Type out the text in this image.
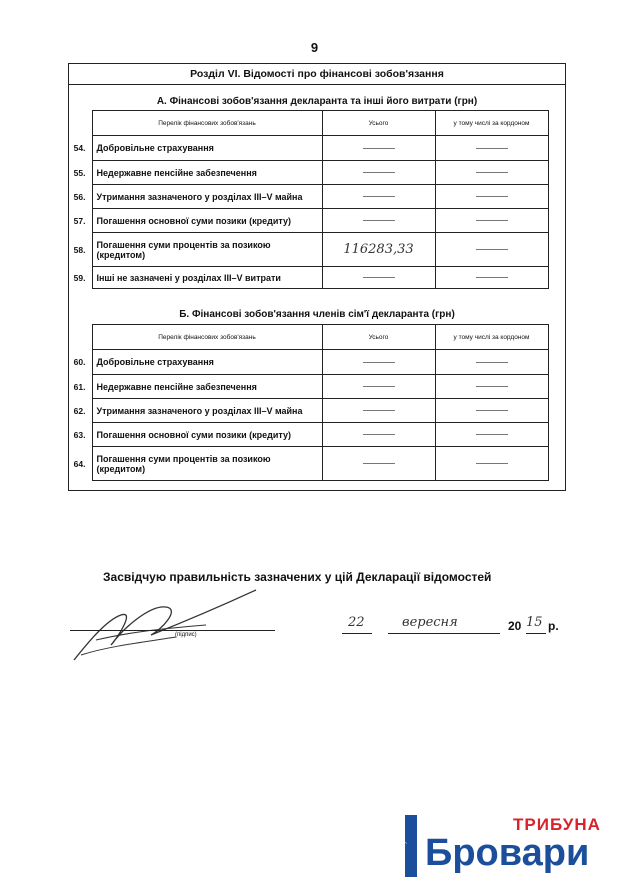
9
Розділ VI. Відомості про фінансові зобов'язання
А. Фінансові зобов'язання декларанта та інші його витрати (грн)
	Перелік фінансових зобов'язань	Усього	у тому числі за кордоном
54.	Добровільне страхування	

55.	Недержавне пенсійне забезпечення	

56.	Утримання зазначеного у розділах III–V майна	

57.	Погашення основної суми позики (кредиту)	

58.	Погашення суми процентів за позикою (кредитом)	116283,33	

59.	Інші не зазначені у розділах III–V витрати	

Б. Фінансові зобов'язання членів сім'ї декларанта (грн)
	Перелік фінансових зобов'язань	Усього	у тому числі за кордоном
60.	Добровільне страхування	

61.	Недержавне пенсійне забезпечення	

62.	Утримання зазначеного у розділах III–V майна	

63.	Погашення основної суми позики (кредиту)	

64.	Погашення суми процентів за позикою (кредитом)	

Засвідчую правильність зазначених у цій Декларації відомостей
(підпис)
22	вересня	20 15 р.
brovary.net.ua	ТРИБУНА
Бровари
